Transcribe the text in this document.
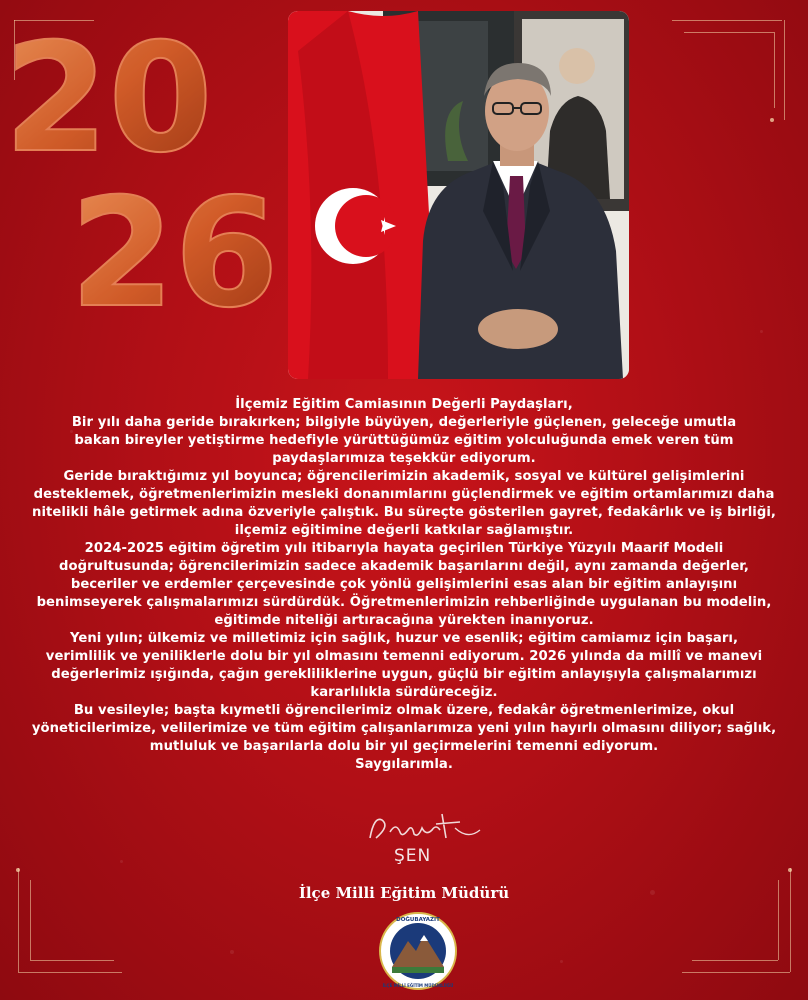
20
26

İlçemiz Eğitim Camiasının Değerli Paydaşları,

Bir yılı daha geride bırakırken; bilgiyle büyüyen, değerleriyle güçlenen, geleceğe umutla bakan bireyler yetiştirme hedefiyle yürüttüğümüz eğitim yolculuğunda emek veren tüm paydaşlarımıza teşekkür ediyorum.

Geride bıraktığımız yıl boyunca; öğrencilerimizin akademik, sosyal ve kültürel gelişimlerini desteklemek, öğretmenlerimizin mesleki donanımlarını güçlendirmek ve eğitim ortamlarımızı daha nitelikli hâle getirmek adına özveriyle çalıştık. Bu süreçte gösterilen gayret, fedakârlık ve iş birliği, ilçemiz eğitimine değerli katkılar sağlamıştır.

2024-2025 eğitim öğretim yılı itibarıyla hayata geçirilen Türkiye Yüzyılı Maarif Modeli doğrultusunda; öğrencilerimizin sadece akademik başarılarını değil, aynı zamanda değerler, beceriler ve erdemler çerçevesinde çok yönlü gelişimlerini esas alan bir eğitim anlayışını benimseyerek çalışmalarımızı sürdürdük. Öğretmenlerimizin rehberliğinde uygulanan bu modelin, eğitimde niteliği artıracağına yürekten inanıyoruz.

Yeni yılın; ülkemiz ve milletimiz için sağlık, huzur ve esenlik; eğitim camiamız için başarı, verimlilik ve yeniliklerle dolu bir yıl olmasını temenni ediyorum. 2026 yılında da millî ve manevi değerlerimiz ışığında, çağın gerekliliklerine uygun, güçlü bir eğitim anlayışıyla çalışmalarımızı kararlılıkla sürdüreceğiz.

Bu vesileyle; başta kıymetli öğrencilerimiz olmak üzere, fedakâr öğretmenlerimize, okul yöneticilerimize, velilerimize ve tüm eğitim çalışanlarımıza yeni yılın hayırlı olmasını diliyor; sağlık, mutluluk ve başarılarla dolu bir yıl geçirmelerini temenni ediyorum.

Saygılarımla.

ŞEN
İlçe Milli Eğitim Müdürü
DOĞUBAYAZIT
İLÇE MİLLİ EĞİTİM MÜDÜRLÜĞÜ
